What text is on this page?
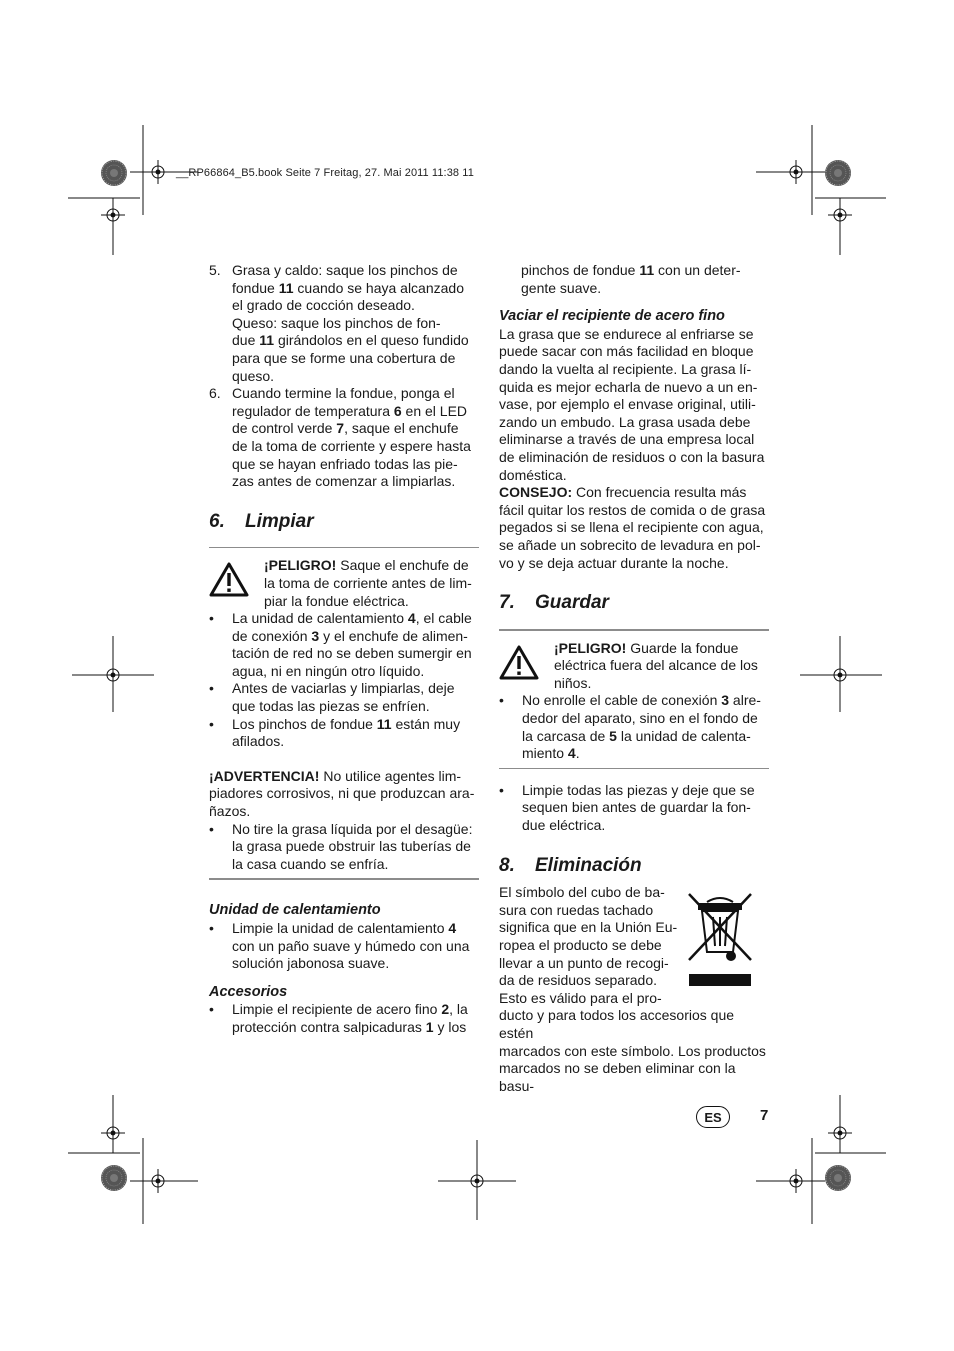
__RP66864_B5.book Seite 7 Freitag, 27. Mai 2011 11:38 11
5. Grasa y caldo: saque los pinchos de

fondue 11 cuando se haya alcanzado

el grado de cocción deseado.

Queso: saque los pinchos de fon-

due 11 girándolos en el queso fundido

para que se forme una cobertura de

queso.

6. Cuando termine la fondue, ponga el

regulador de temperatura 6 en el LED

de control verde 7, saque el enchufe

de la toma de corriente y espere hasta

que se hayan enfriado todas las pie-

zas antes de comenzar a limpiarlas.

6.	Limpiar

¡PELIGRO! Saque el enchufe de

la toma de corriente antes de lim-

piar la fondue eléctrica.

•	La unidad de calentamiento 4, el cable

de conexión 3 y el enchufe de alimen-

tación de red no se deben sumergir en

agua, ni en ningún otro líquido.

•	Antes de vaciarlas y limpiarlas, deje

que todas las piezas se enfríen.

•	Los pinchos de fondue 11 están muy

afilados.

¡ADVERTENCIA! No utilice agentes lim-

piadores corrosivos, ni que produzcan ara-

ñazos.

•	No tire la grasa líquida por el desagüe:

la grasa puede obstruir las tuberías de

la casa cuando se enfría.

Unidad de calentamiento
•	Limpie la unidad de calentamiento 4

con un paño suave y húmedo con una

solución jabonosa suave.

Accesorios
•	Limpie el recipiente de acero fino 2, la

protección contra salpicaduras 1 y los

pinchos de fondue 11 con un deter-

gente suave.

Vaciar el recipiente de acero fino

La grasa que se endurece al enfriarse se

puede sacar con más facilidad en bloque

dando la vuelta al recipiente. La grasa lí-

quida es mejor echarla de nuevo a un en-

vase, por ejemplo el envase original, utili-

zando un embudo. La grasa usada debe

eliminarse a través de una empresa local

de eliminación de residuos o con la basura

doméstica.

CONSEJO: Con frecuencia resulta más

fácil quitar los restos de comida o de grasa

pegados si se llena el recipiente con agua,

se añade un sobrecito de levadura en pol-

vo y se deja actuar durante la noche.

7.	Guardar

¡PELIGRO! Guarde la fondue

eléctrica fuera del alcance de los

niños.

•	No enrolle el cable de conexión 3 alre-

dedor del aparato, sino en el fondo de

la carcasa de 5 la unidad de calenta-

miento 4.

•	Limpie todas las piezas y deje que se

sequen bien antes de guardar la fon-

due eléctrica.

8.	Eliminación

El símbolo del cubo de ba-

sura con ruedas tachado

significa que en la Unión Eu-

ropea el producto se debe

llevar a un punto de recogi-

da de residuos separado.

Esto es válido para el pro-

ducto y para todos los accesorios que estén

marcados con este símbolo. Los productos

marcados no se deben eliminar con la basu-

ES	7
